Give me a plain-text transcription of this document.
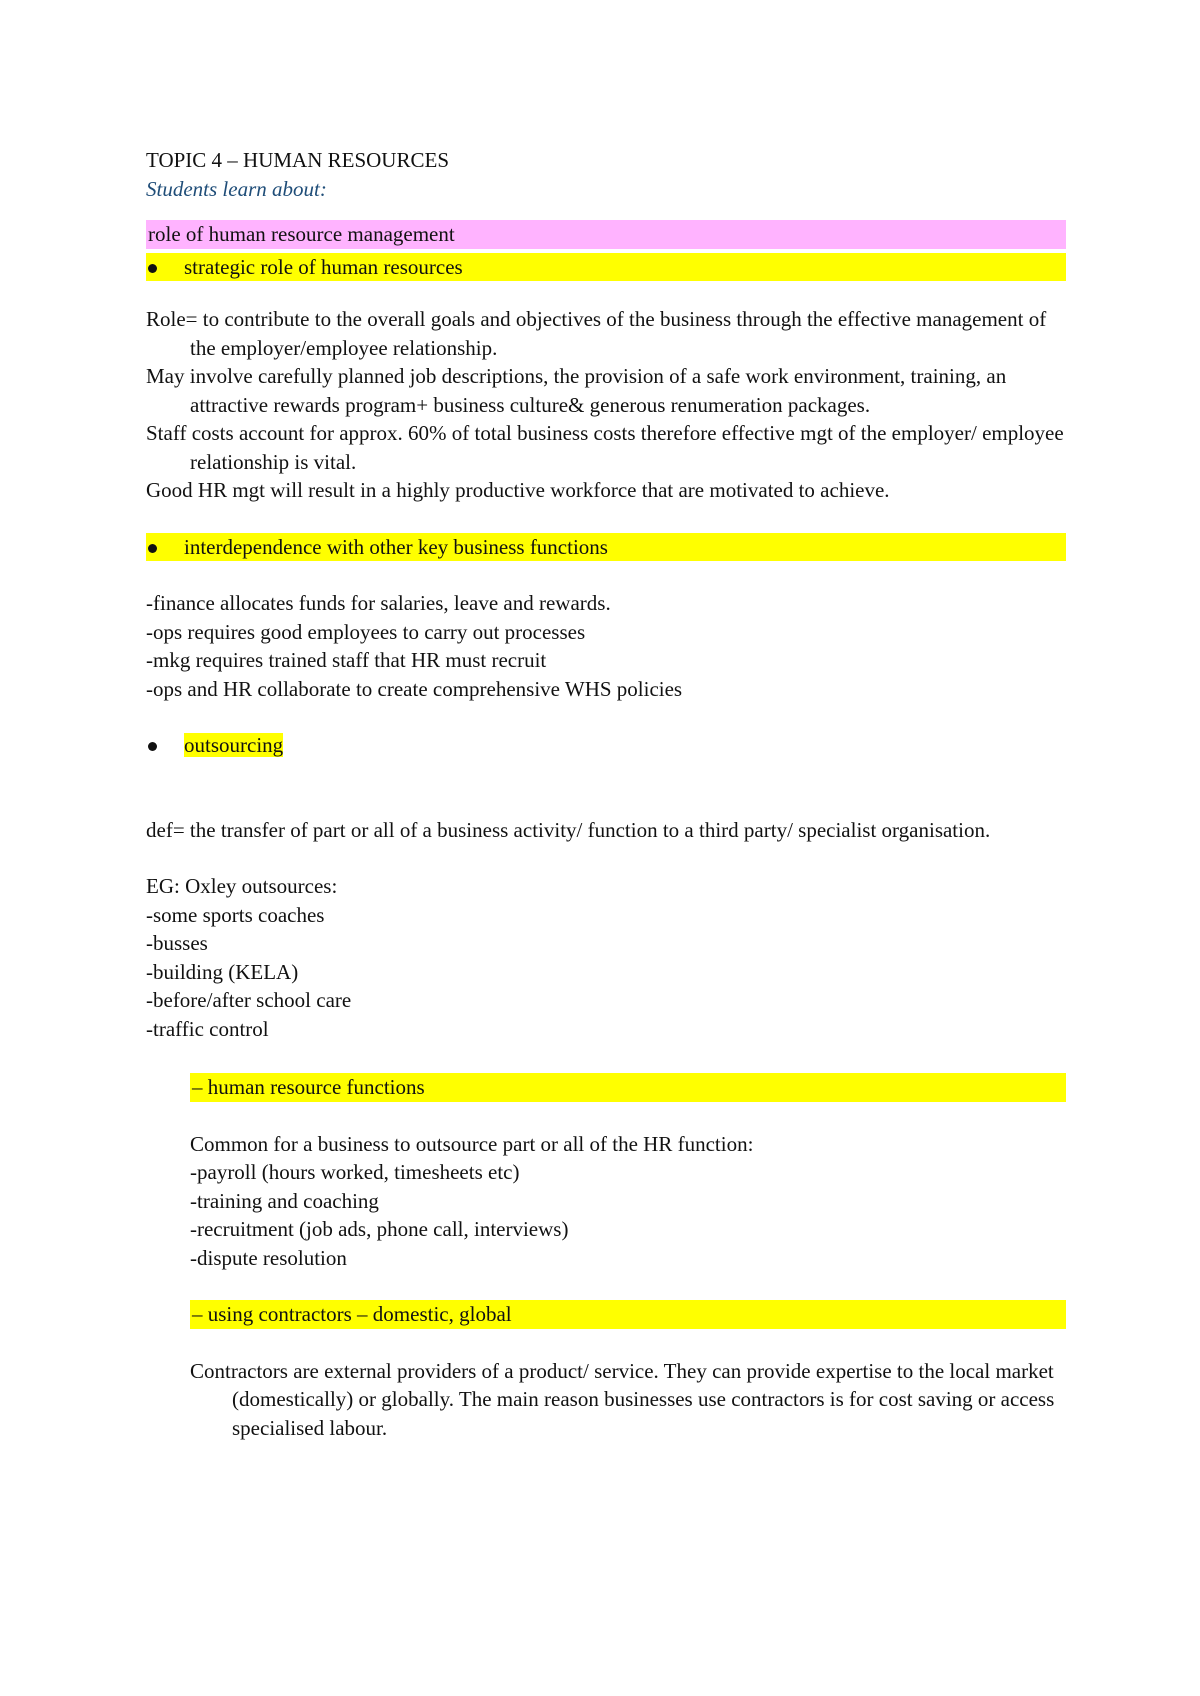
TOPIC 4 – HUMAN RESOURCES

Students learn about:

role of human resource management
strategic role of human resources

Role= to contribute to the overall goals and objectives of the business through the effective management of the employer/employee relationship.

May involve carefully planned job descriptions, the provision of a safe work environment, training, an attractive rewards program+ business culture& generous renumeration packages.

Staff costs account for approx. 60% of total business costs therefore effective mgt of the employer/ employee relationship is vital.

Good HR mgt will result in a highly productive workforce that are motivated to achieve.

interdependence with other key business functions

-finance allocates funds for salaries, leave and rewards.

-ops requires good employees to carry out processes

-mkg requires trained staff that HR must recruit

-ops and HR collaborate to create comprehensive WHS policies

outsourcing

def= the transfer of part or all of a business activity/ function to a third party/ specialist organisation.

EG: Oxley outsources:

-some sports coaches

-busses

-building (KELA)

-before/after school care

-traffic control

– human resource functions

Common for a business to outsource part or all of the HR function:

-payroll (hours worked, timesheets etc)

-training and coaching

-recruitment (job ads, phone call, interviews)

-dispute resolution

– using contractors – domestic, global

Contractors are external providers of a product/ service. They can provide expertise to the local market (domestically) or globally. The main reason businesses use contractors is for cost saving or access specialised labour.
